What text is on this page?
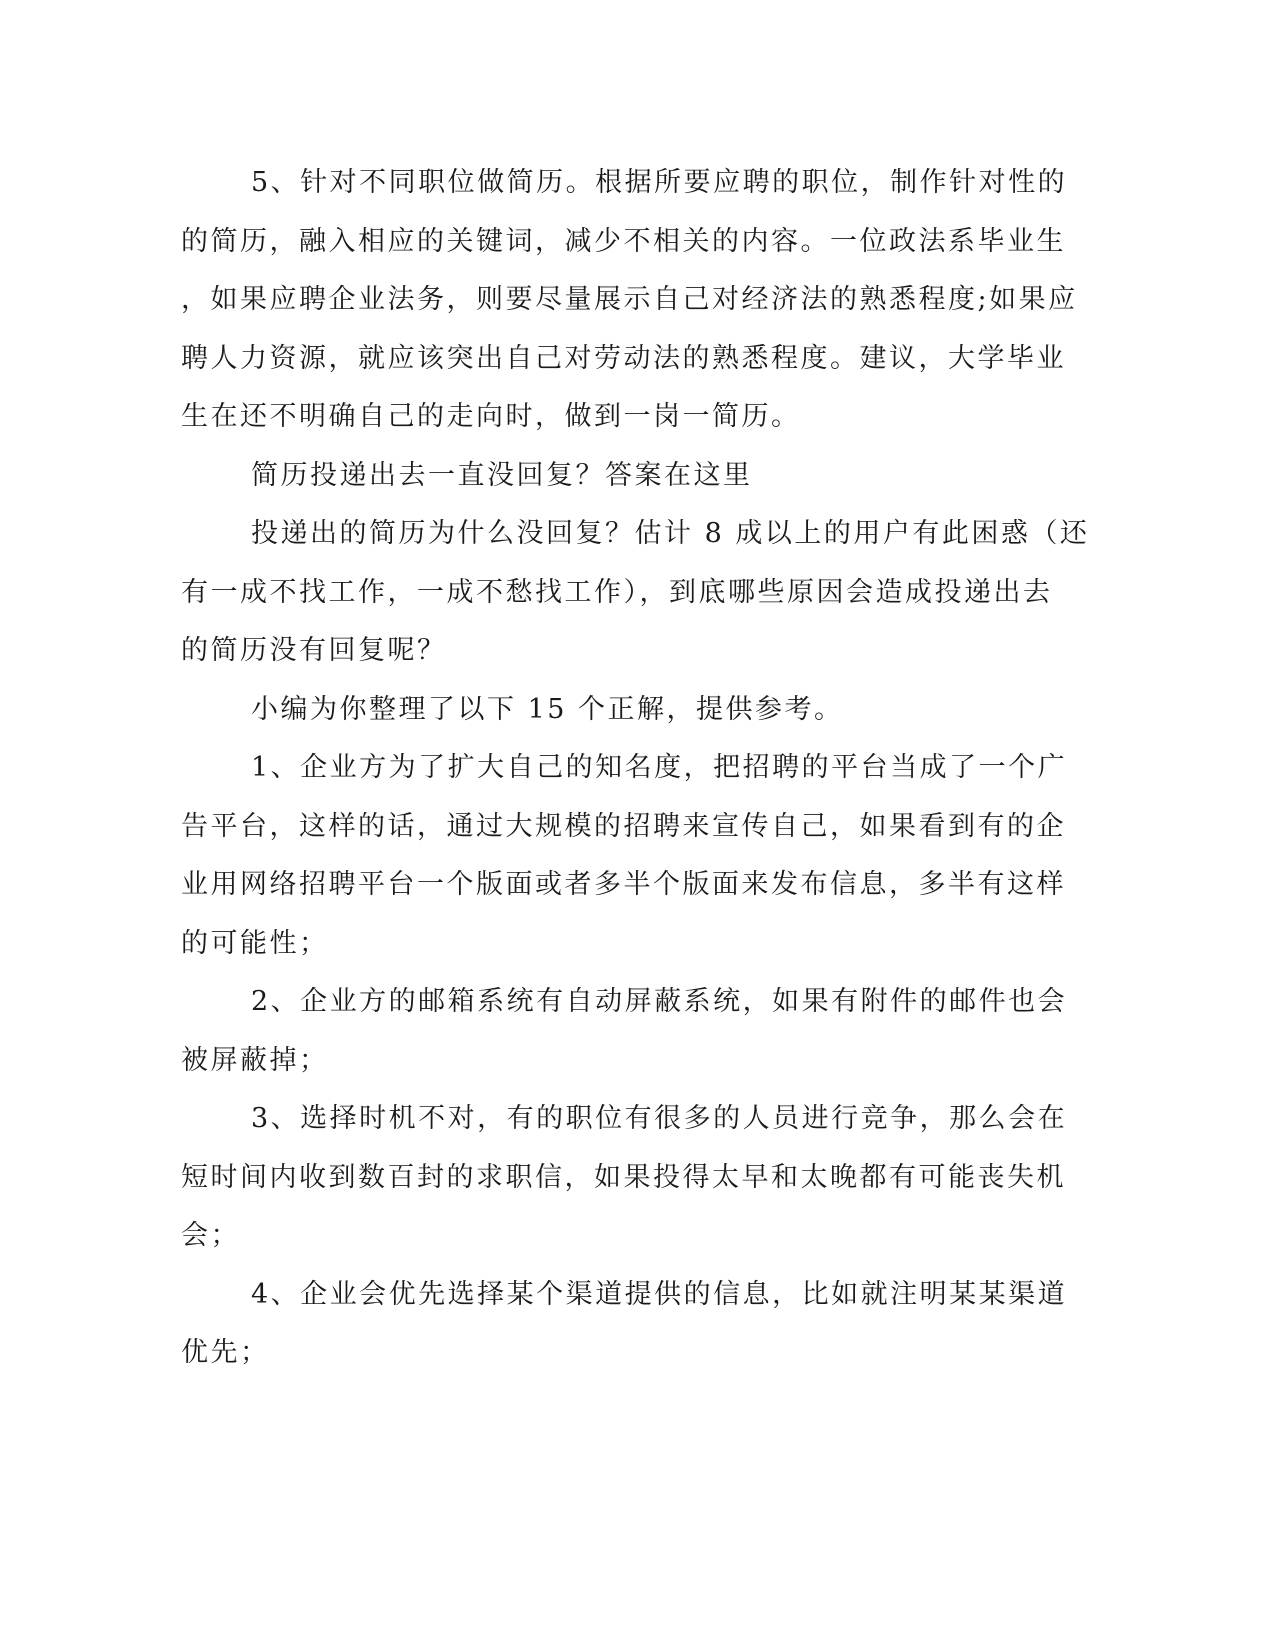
5、针对不同职位做简历。根据所要应聘的职位，制作针对性的
的简历，融入相应的关键词，减少不相关的内容。一位政法系毕业生
，如果应聘企业法务，则要尽量展示自己对经济法的熟悉程度;如果应
聘人力资源，就应该突出自己对劳动法的熟悉程度。建议，大学毕业
生在还不明确自己的走向时，做到一岗一简历。
简历投递出去一直没回复？答案在这里
投递出的简历为什么没回复？估计 8 成以上的用户有此困惑（还
有一成不找工作，一成不愁找工作），到底哪些原因会造成投递出去
的简历没有回复呢？
小编为你整理了以下 15 个正解，提供参考。
1、企业方为了扩大自己的知名度，把招聘的平台当成了一个广
告平台，这样的话，通过大规模的招聘来宣传自己，如果看到有的企
业用网络招聘平台一个版面或者多半个版面来发布信息，多半有这样
的可能性；
2、企业方的邮箱系统有自动屏蔽系统，如果有附件的邮件也会
被屏蔽掉；
3、选择时机不对，有的职位有很多的人员进行竞争，那么会在
短时间内收到数百封的求职信，如果投得太早和太晚都有可能丧失机
会；
4、企业会优先选择某个渠道提供的信息，比如就注明某某渠道
优先；
